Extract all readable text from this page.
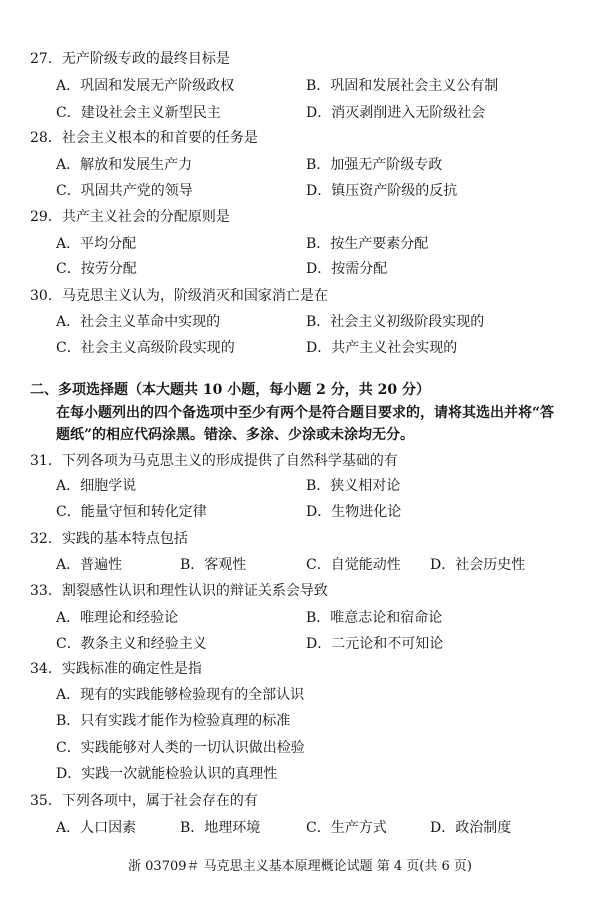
27．无产阶级专政的最终目标是
A．巩固和发展无产阶级政权	B．巩固和发展社会主义公有制
C．建设社会主义新型民主	D．消灭剥削进入无阶级社会
28．社会主义根本的和首要的任务是
A．解放和发展生产力	B．加强无产阶级专政
C．巩固共产党的领导	D．镇压资产阶级的反抗
29．共产主义社会的分配原则是
A．平均分配	B．按生产要素分配
C．按劳分配	D．按需分配
30．马克思主义认为，阶级消灭和国家消亡是在
A．社会主义革命中实现的	B．社会主义初级阶段实现的
C．社会主义高级阶段实现的	D．共产主义社会实现的
二、多项选择题（本大题共 10 小题，每小题 2 分，共 20 分）
在每小题列出的四个备选项中至少有两个是符合题目要求的，请将其选出并将“答
题纸”的相应代码涂黑。错涂、多涂、少涂或未涂均无分。
31．下列各项为马克思主义的形成提供了自然科学基础的有
A．细胞学说	B．狭义相对论
C．能量守恒和转化定律	D．生物进化论
32．实践的基本特点包括
A．普遍性	B．客观性	C．自觉能动性 D．社会历史性
33．割裂感性认识和理性认识的辩证关系会导致
A．唯理论和经验论	B．唯意志论和宿命论
C．教条主义和经验主义	D．二元论和不可知论
34．实践标准的确定性是指
A．现有的实践能够检验现有的全部认识
B．只有实践才能作为检验真理的标准
C．实践能够对人类的一切认识做出检验
D．实践一次就能检验认识的真理性
35．下列各项中，属于社会存在的有
A．人口因素	B．地理环境	C．生产方式	D．政治制度
浙 03709＃ 马克思主义基本原理概论试题 第 4 页(共 6 页)
